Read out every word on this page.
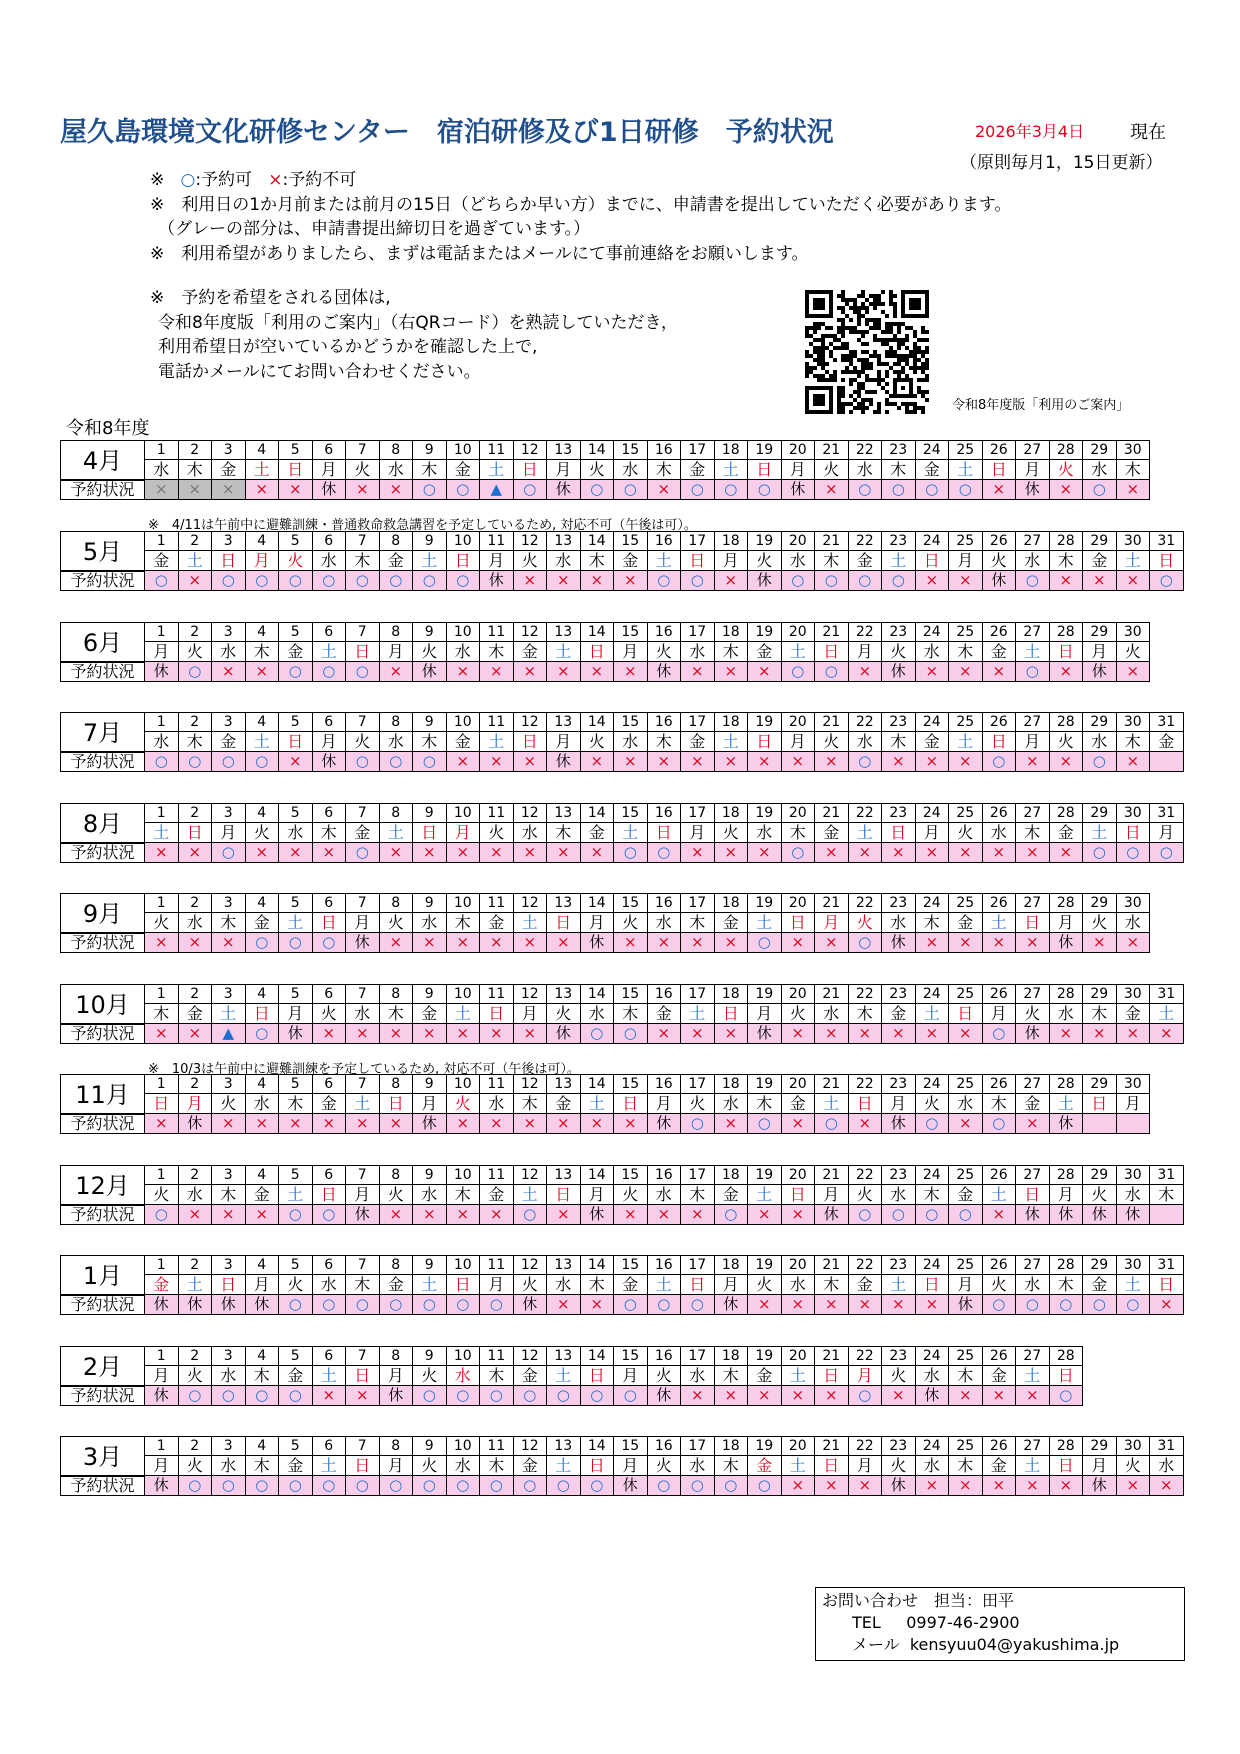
屋久島環境文化研修センター　宿泊研修及び1日研修　予約状況	2026年3月4日	現在
（原則毎月1，15日更新）
※ ○:予約可 ×:予約不可
※　利用日の1か月前または前月の15日（どちらか早い方）までに、申請書を提出していただく必要があります。
（グレーの部分は、申請書提出締切日を過ぎています。）
※　利用希望がありましたら、まずは電話またはメールにて事前連絡をお願いします。
※　予約を希望をされる団体は,
令和8年度版「利用のご案内」（右QRコード）を熟読していただき，
利用希望日が空いているかどうかを確認した上で,
電話かメールにてお問い合わせください。
令和8年度版「利用のご案内」
令和8年度
4月
予約状況
1
水
×
2
木
×
3
金
×
4
土
×
5
日
×
6
月
休
7
火
×
8
水
×
9
木
○
10
金
○
11
土
▲
12
日
○
13
月
休
14
火
○
15
水
○
16
木
×
17
金
○
18
土
○
19
日
○
20
月
休
21
火
×
22
水
○
23
木
○
24
金
○
25
土
○
26
日
×
27
月
休
28
火
×
29
水
○
30
木
×
※　4/11は午前中に避難訓練・普通救命救急講習を予定しているため, 対応不可（午後は可）。
5月
予約状況
1
金
○
2
土
×
3
日
○
4
月
○
5
火
○
6
水
○
7
木
○
8
金
○
9
土
○
10
日
○
11
月
休
12
火
×
13
水
×
14
木
×
15
金
×
16
土
○
17
日
○
18
月
×
19
火
休
20
水
○
21
木
○
22
金
○
23
土
○
24
日
×
25
月
×
26
火
休
27
水
○
28
木
×
29
金
×
30
土
×
31
日
○
6月
予約状況
1
月
休
2
火
○
3
水
×
4
木
×
5
金
○
6
土
○
7
日
○
8
月
×
9
火
休
10
水
×
11
木
×
12
金
×
13
土
×
14
日
×
15
月
×
16
火
休
17
水
×
18
木
×
19
金
×
20
土
○
21
日
○
22
月
×
23
火
休
24
水
×
25
木
×
26
金
×
27
土
○
28
日
×
29
月
休
30
火
×
7月
予約状況
1
水
○
2
木
○
3
金
○
4
土
○
5
日
×
6
月
休
7
火
○
8
水
○
9
木
○
10
金
×
11
土
×
12
日
×
13
月
休
14
火
×
15
水
×
16
木
×
17
金
×
18
土
×
19
日
×
20
月
×
21
火
×
22
水
○
23
木
×
24
金
×
25
土
×
26
日
○
27
月
×
28
火
×
29
水
○
30
木
×
31
金
8月
予約状況
1
土
×
2
日
×
3
月
○
4
火
×
5
水
×
6
木
×
7
金
○
8
土
×
9
日
×
10
月
×
11
火
×
12
水
×
13
木
×
14
金
×
15
土
○
16
日
○
17
月
×
18
火
×
19
水
×
20
木
○
21
金
×
22
土
×
23
日
×
24
月
×
25
火
×
26
水
×
27
木
×
28
金
×
29
土
○
30
日
○
31
月
○
9月
予約状況
1
火
×
2
水
×
3
木
×
4
金
○
5
土
○
6
日
○
7
月
休
8
火
×
9
水
×
10
木
×
11
金
×
12
土
×
13
日
×
14
月
休
15
火
×
16
水
×
17
木
×
18
金
×
19
土
○
20
日
×
21
月
×
22
火
○
23
水
休
24
木
×
25
金
×
26
土
×
27
日
×
28
月
休
29
火
×
30
水
×
10月
予約状況
1
木
×
2
金
×
3
土
▲
4
日
○
5
月
休
6
火
×
7
水
×
8
木
×
9
金
×
10
土
×
11
日
×
12
月
×
13
火
休
14
水
○
15
木
○
16
金
×
17
土
×
18
日
×
19
月
休
20
火
×
21
水
×
22
木
×
23
金
×
24
土
×
25
日
×
26
月
○
27
火
休
28
水
×
29
木
×
30
金
×
31
土
×
※　10/3は午前中に避難訓練を予定しているため, 対応不可（午後は可）。
11月
予約状況
1
日
×
2
月
休
3
火
×
4
水
×
5
木
×
6
金
×
7
土
×
8
日
×
9
月
休
10
火
×
11
水
×
12
木
×
13
金
×
14
土
×
15
日
×
16
月
休
17
火
○
18
水
×
19
木
○
20
金
×
21
土
○
22
日
×
23
月
休
24
火
○
25
水
×
26
木
○
27
金
×
28
土
休
29
日
30
月
12月
予約状況
1
火
○
2
水
×
3
木
×
4
金
×
5
土
○
6
日
○
7
月
休
8
火
×
9
水
×
10
木
×
11
金
×
12
土
○
13
日
×
14
月
休
15
火
×
16
水
×
17
木
×
18
金
○
19
土
×
20
日
×
21
月
休
22
火
○
23
水
○
24
木
○
25
金
○
26
土
×
27
日
休
28
月
休
29
火
休
30
水
休
31
木
1月
予約状況
1
金
休
2
土
休
3
日
休
4
月
休
5
火
○
6
水
○
7
木
○
8
金
○
9
土
○
10
日
○
11
月
○
12
火
休
13
水
×
14
木
×
15
金
○
16
土
○
17
日
○
18
月
休
19
火
×
20
水
×
21
木
×
22
金
×
23
土
×
24
日
×
25
月
休
26
火
○
27
水
○
28
木
○
29
金
○
30
土
○
31
日
×
2月
予約状況
1
月
休
2
火
○
3
水
○
4
木
○
5
金
○
6
土
×
7
日
×
8
月
休
9
火
○
10
水
○
11
木
○
12
金
○
13
土
○
14
日
○
15
月
○
16
火
休
17
水
×
18
木
×
19
金
×
20
土
×
21
日
×
22
月
○
23
火
×
24
水
休
25
木
×
26
金
×
27
土
×
28
日
○
3月
予約状況
1
月
休
2
火
○
3
水
○
4
木
○
5
金
○
6
土
○
7
日
○
8
月
○
9
火
○
10
水
○
11
木
○
12
金
○
13
土
○
14
日
○
15
月
休
16
火
○
17
水
○
18
木
○
19
金
○
20
土
×
21
日
×
22
月
×
23
火
休
24
水
×
25
木
×
26
金
×
27
土
×
28
日
×
29
月
休
30
火
×
31
水
×
お問い合わせ　担当：田平
TEL 0997-46-2900
メール kensyuu04@yakushima.jp
